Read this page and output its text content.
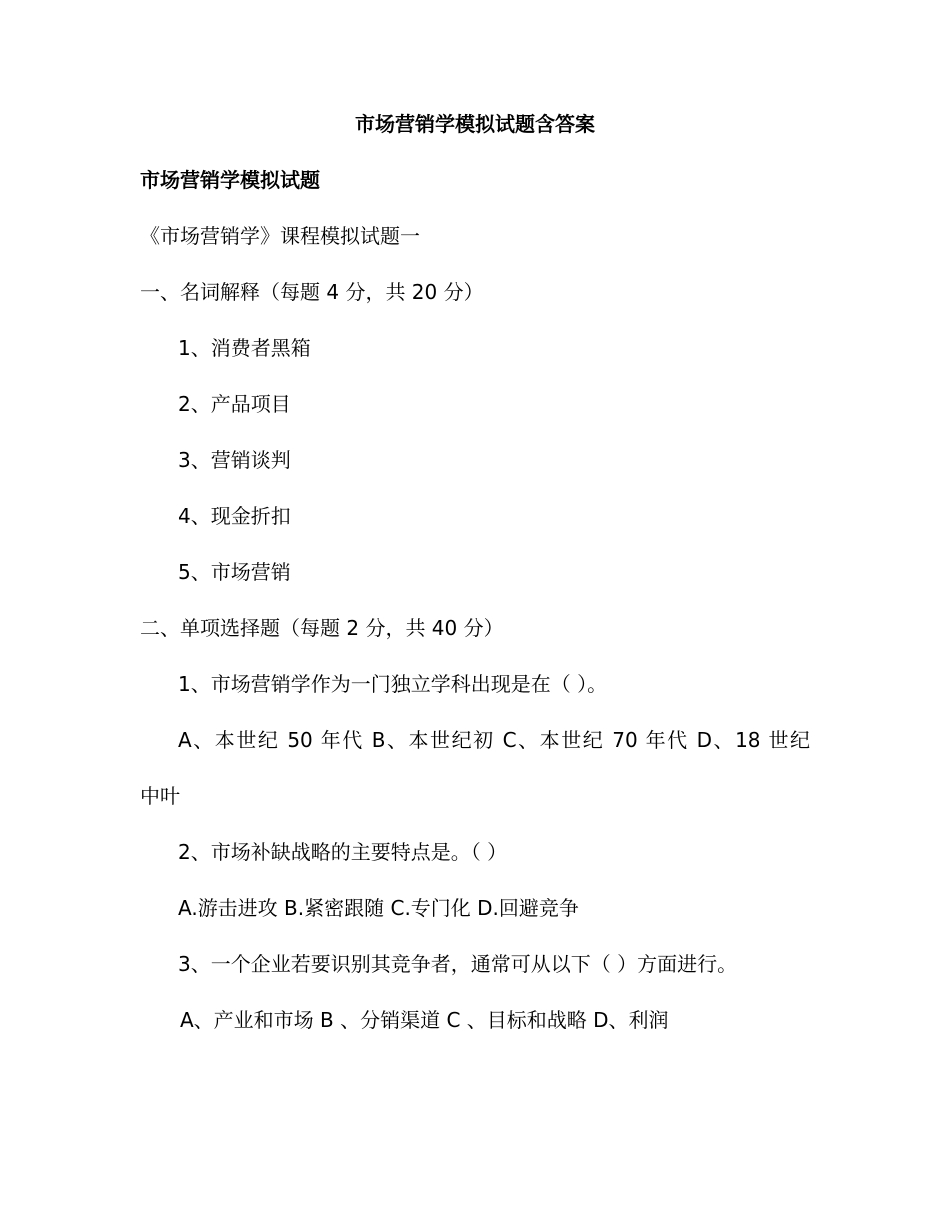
市场营销学模拟试题含答案
市场营销学模拟试题
《市场营销学》课程模拟试题一
一、名词解释（每题 4 分，共 20 分）
1、消费者黑箱
2、产品项目
3、营销谈判
4、现金折扣
5、市场营销
二、单项选择题（每题 2 分，共 40 分）
1、市场营销学作为一门独立学科出现是在（ ）。
A、本世纪 50 年代 B、本世纪初 C、本世纪 70 年代 D、18 世纪
中叶
2、市场补缺战略的主要特点是。（ ）
A.游击进攻 B.紧密跟随 C.专门化 D.回避竞争
3、一个企业若要识别其竞争者，通常可从以下（ ）方面进行。
A、产业和市场 B 、分销渠道 C 、目标和战略 D、利润
